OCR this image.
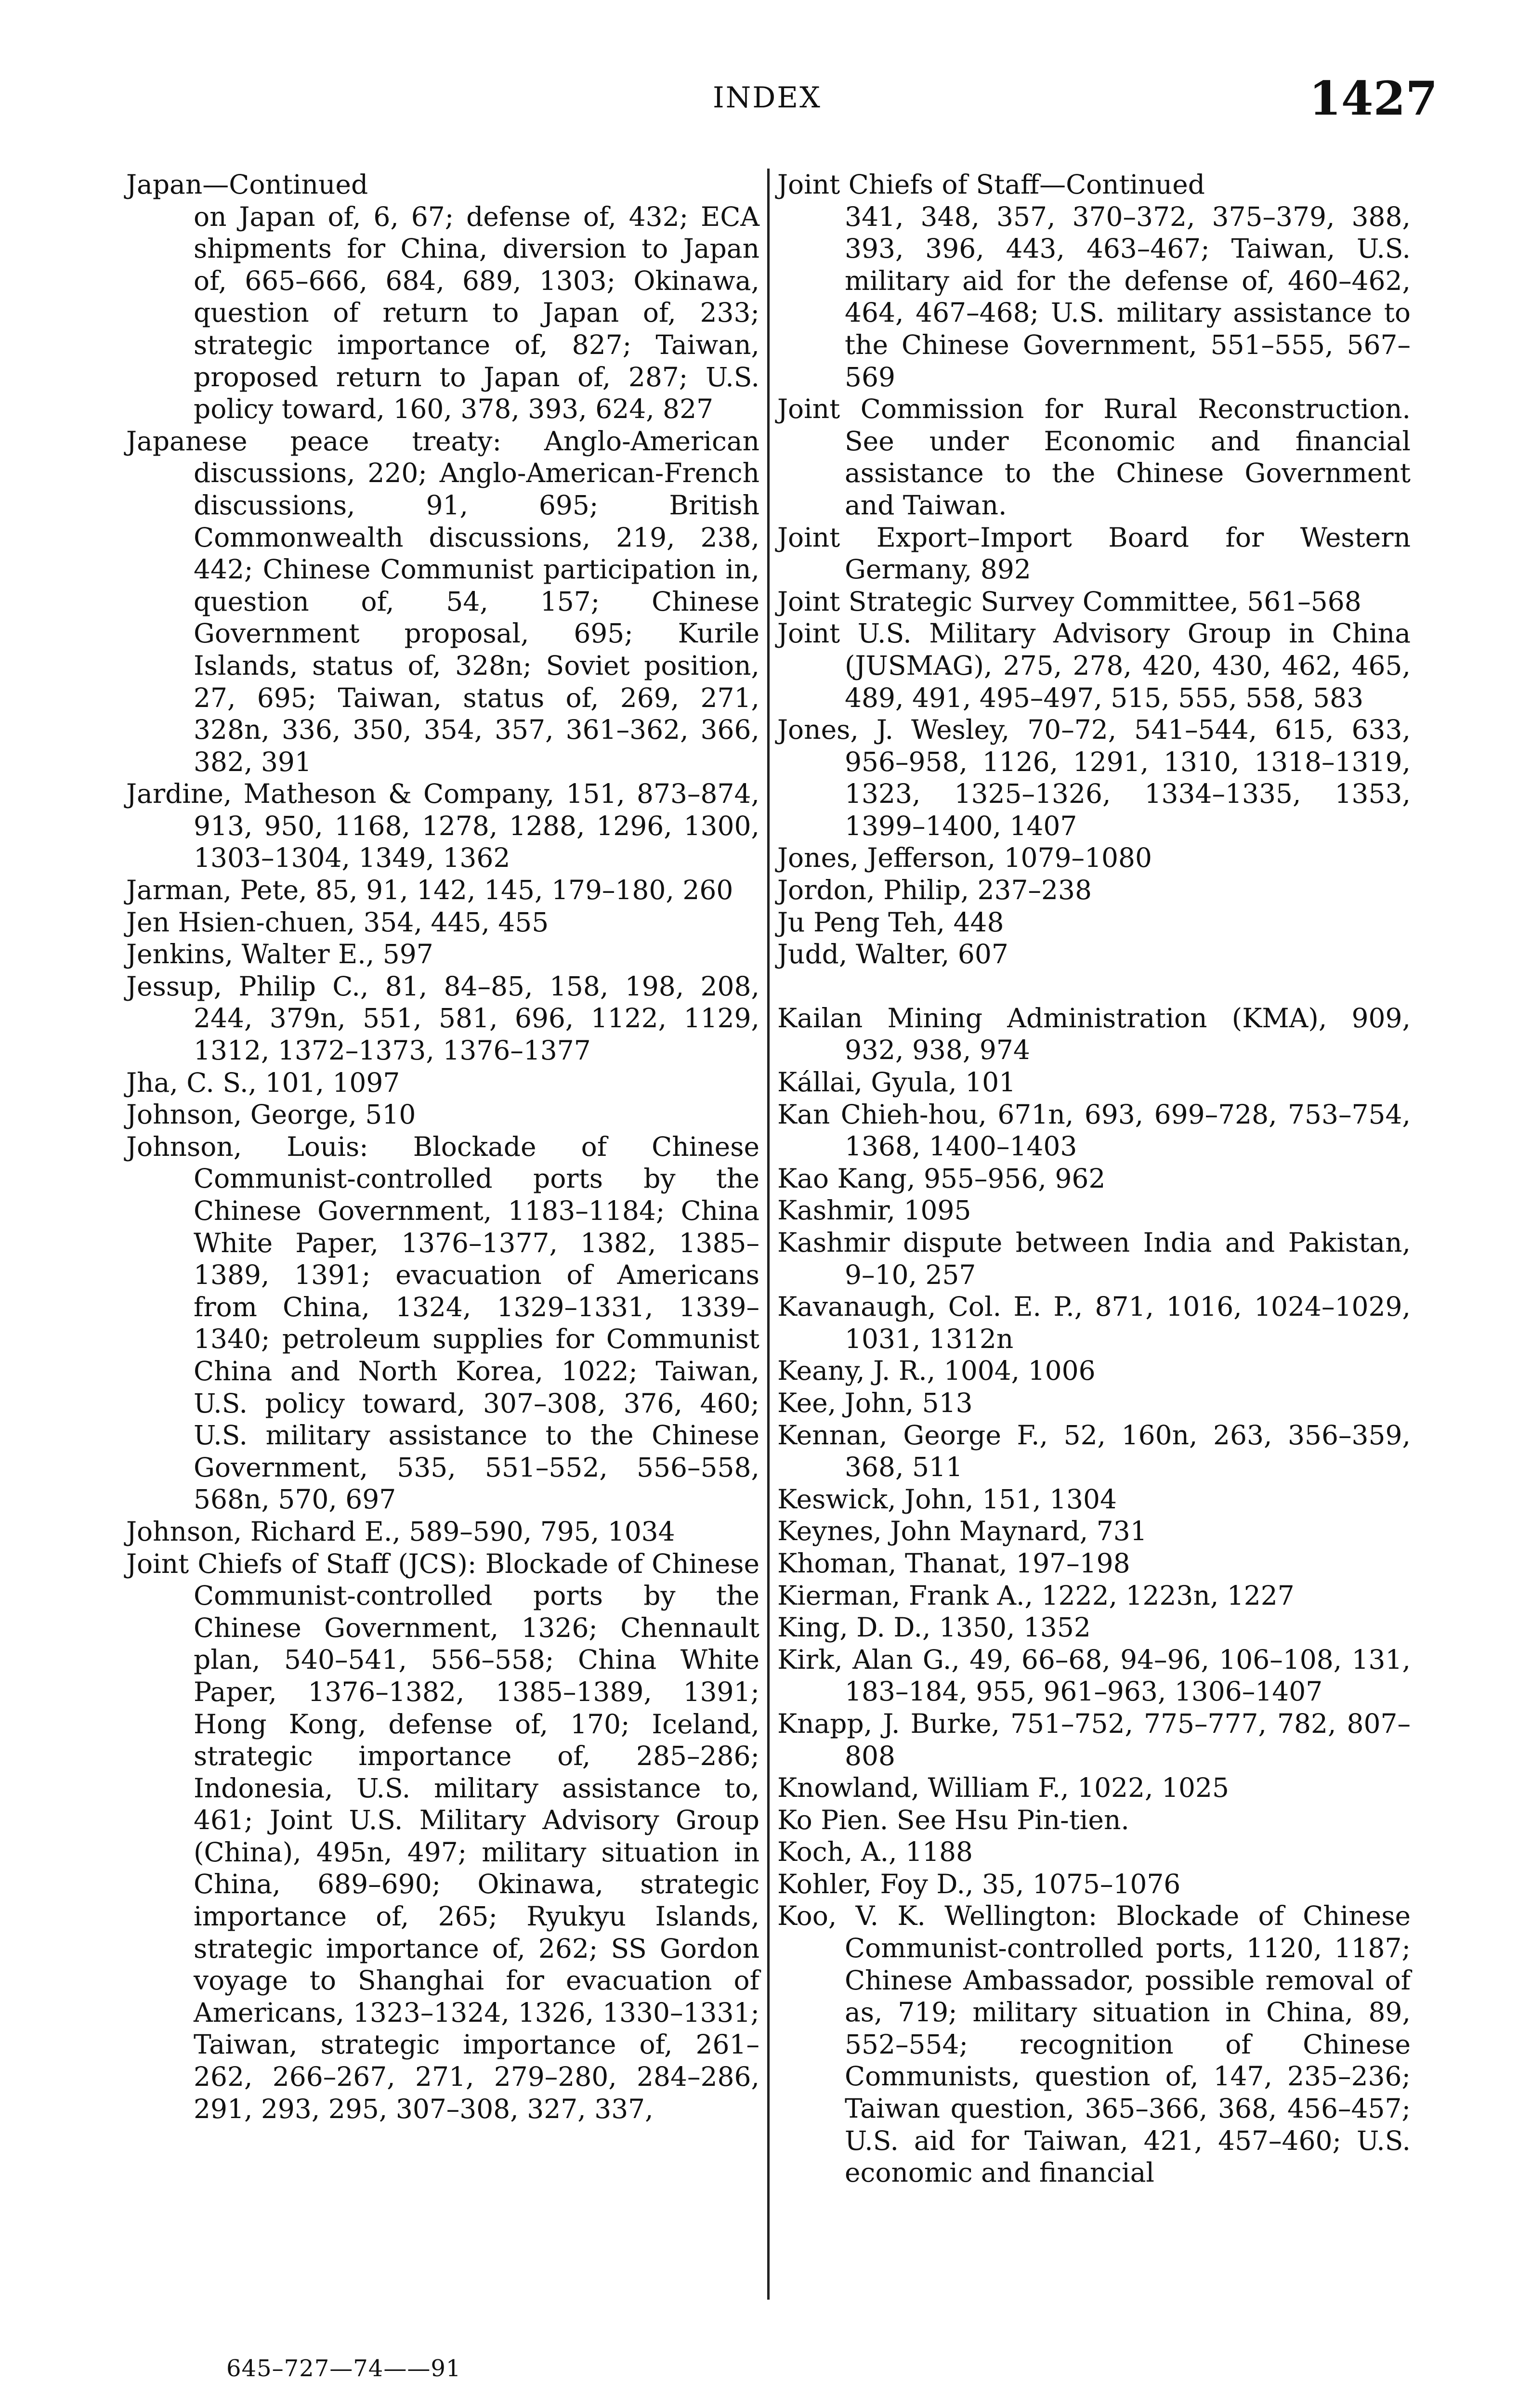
INDEX	1427

Japan—Continued
on Japan of, 6, 67; defense of, 432; ECA shipments for China, diversion to Japan of, 665–666, 684, 689, 1303; Okinawa, question of return to Japan of, 233; strategic importance of, 827; Taiwan, proposed return to Japan of, 287; U.S. policy toward, 160, 378, 393, 624, 827

Japanese peace treaty: Anglo-American discussions, 220; Anglo-American-French discussions, 91, 695; British Commonwealth discussions, 219, 238, 442; Chinese Communist participation in, question of, 54, 157; Chinese Government proposal, 695; Kurile Islands, status of, 328n; Soviet position, 27, 695; Taiwan, status of, 269, 271, 328n, 336, 350, 354, 357, 361–362, 366, 382, 391

Jardine, Matheson & Company, 151, 873–874, 913, 950, 1168, 1278, 1288, 1296, 1300, 1303–1304, 1349, 1362

Jarman, Pete, 85, 91, 142, 145, 179–180, 260

Jen Hsien-chuen, 354, 445, 455

Jenkins, Walter E., 597

Jessup, Philip C., 81, 84–85, 158, 198, 208, 244, 379n, 551, 581, 696, 1122, 1129, 1312, 1372–1373, 1376–1377

Jha, C. S., 101, 1097

Johnson, George, 510

Johnson, Louis: Blockade of Chinese Communist-controlled ports by the Chinese Government, 1183–1184; China White Paper, 1376–1377, 1382, 1385–1389, 1391; evacuation of Americans from China, 1324, 1329–1331, 1339–1340; petroleum supplies for Communist China and North Korea, 1022; Taiwan, U.S. policy toward, 307–308, 376, 460; U.S. military assistance to the Chinese Government, 535, 551–552, 556–558, 568n, 570, 697

Johnson, Richard E., 589–590, 795, 1034

Joint Chiefs of Staff (JCS): Blockade of Chinese Communist-controlled ports by the Chinese Government, 1326; Chennault plan, 540–541, 556–558; China White Paper, 1376–1382, 1385–1389, 1391; Hong Kong, defense of, 170; Iceland, strategic importance of, 285–286; Indonesia, U.S. military assistance to, 461; Joint U.S. Military Advisory Group (China), 495n, 497; military situation in China, 689–690; Okinawa, strategic importance of, 265; Ryukyu Islands, strategic importance of, 262; SS Gordon voyage to Shanghai for evacuation of Americans, 1323–1324, 1326, 1330–1331; Taiwan, strategic importance of, 261–262, 266–267, 271, 279–280, 284–286, 291, 293, 295, 307–308, 327, 337,

Joint Chiefs of Staff—Continued
341, 348, 357, 370–372, 375–379, 388, 393, 396, 443, 463–467; Taiwan, U.S. military aid for the defense of, 460–462, 464, 467–468; U.S. military assistance to the Chinese Government, 551–555, 567–569

Joint Commission for Rural Reconstruction. See under Economic and financial assistance to the Chinese Government and Taiwan.

Joint Export–Import Board for Western Germany, 892

Joint Strategic Survey Committee, 561–568

Joint U.S. Military Advisory Group in China (JUSMAG), 275, 278, 420, 430, 462, 465, 489, 491, 495–497, 515, 555, 558, 583

Jones, J. Wesley, 70–72, 541–544, 615, 633, 956–958, 1126, 1291, 1310, 1318–1319, 1323, 1325–1326, 1334–1335, 1353, 1399–1400, 1407

Jones, Jefferson, 1079–1080

Jordon, Philip, 237–238

Ju Peng Teh, 448

Judd, Walter, 607

Kailan Mining Administration (KMA), 909, 932, 938, 974

Kállai, Gyula, 101

Kan Chieh-hou, 671n, 693, 699–728, 753–754, 1368, 1400–1403

Kao Kang, 955–956, 962

Kashmir, 1095

Kashmir dispute between India and Pakistan, 9–10, 257

Kavanaugh, Col. E. P., 871, 1016, 1024–1029, 1031, 1312n

Keany, J. R., 1004, 1006

Kee, John, 513

Kennan, George F., 52, 160n, 263, 356–359, 368, 511

Keswick, John, 151, 1304

Keynes, John Maynard, 731

Khoman, Thanat, 197–198

Kierman, Frank A., 1222, 1223n, 1227

King, D. D., 1350, 1352

Kirk, Alan G., 49, 66–68, 94–96, 106–108, 131, 183–184, 955, 961–963, 1306–1407

Knapp, J. Burke, 751–752, 775–777, 782, 807–808

Knowland, William F., 1022, 1025

Ko Pien. See Hsu Pin-tien.

Koch, A., 1188

Kohler, Foy D., 35, 1075–1076

Koo, V. K. Wellington: Blockade of Chinese Communist-controlled ports, 1120, 1187; Chinese Ambassador, possible removal of as, 719; military situation in China, 89, 552–554; recognition of Chinese Communists, question of, 147, 235–236; Taiwan question, 365–366, 368, 456–457; U.S. aid for Taiwan, 421, 457–460; U.S. economic and financial

645–727—74——91
